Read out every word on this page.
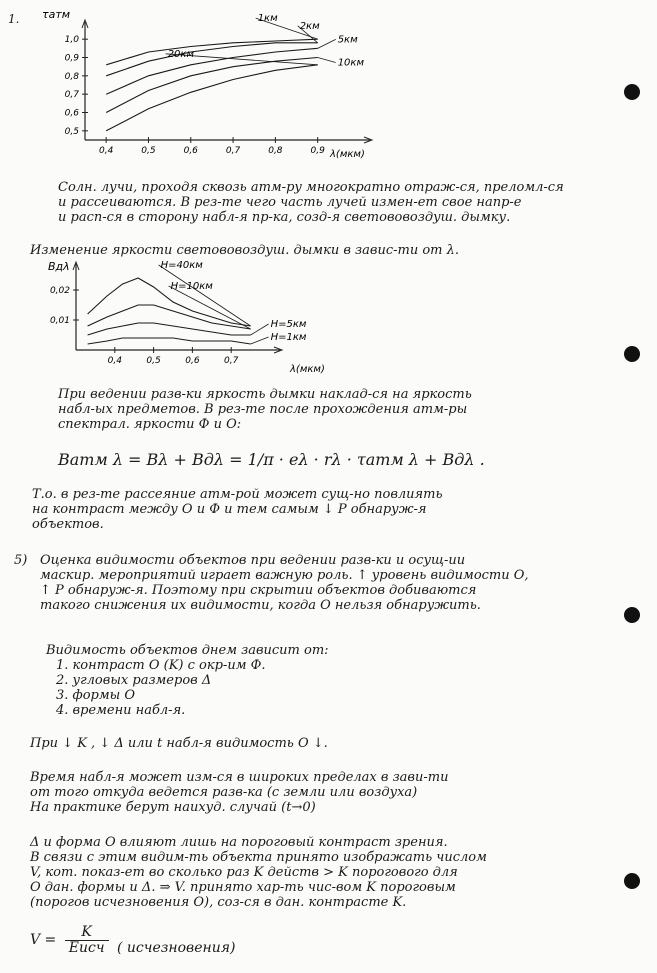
1. τатм
λ(мкм)
1км
2км
5км
10км
20км
1,0
0,9
0,8
0,7
0,6
0,5
0,4	0,5	0,6	0,7	0,8	0,9
Солн. лучи, проходя сквозь атм-ру многократно отраж-ся, преломл-ся
и рассеиваются. В рез-те чего часть лучей измен-ет свое напр-е
и расп-ся в сторону набл-я пр-ка, созд-я светововоздуш. дымку.
Изменение яркости светововоздуш. дымки в завис-ти от λ.
Bдλ
λ(мкм)
H=40км
H=10км
H=5км
H=1км
0,02
0,01
0,4	0,5	0,6	0,7
При ведении разв-ки яркость дымки наклад-ся на яркость
набл-ых предметов. В рез-те после прохождения атм-ры
спектрал. яркости Ф и О:
Bатм λ = Bλ + Bдλ = 1/π · eλ · rλ · τатм λ + Bдλ .
Т.о. в рез-те рассеяние атм-рой может сущ-но повлиять
на контраст между О и Ф и тем самым ↓ Р обнаруж-я
объектов.
5) Оценка видимости объектов при ведении разв-ки и осущ-ии
маскир. мероприятий играет важную роль. ↑ уровень видимости О,
↑ Р обнаруж-я. Поэтому при скрытии объектов добиваются
такого снижения их видимости, когда О нельзя обнаружить.
Видимость объектов днем зависит от:
1. контраст О (K) с окр-им Ф.
2. угловых размеров Δ
3. формы О
4. времени набл-я.
При ↓ K , ↓ Δ или t набл-я видимость О ↓.
Время набл-я может изм-ся в широких пределах в зави-ти
от того откуда ведется разв-ка (с земли или воздуха)
На практике берут наихуд. случай (t→0)
Δ и форма О влияют лишь на пороговый контраст зрения.
В связи с этим видим-ть объекта принято изображать числом
V, кот. показ-ет во сколько раз K действ > K порогового для
О дан. формы и Δ. ⇒ V. принято хар-ть чис-вом K пороговым
(порогов исчезновения О), соз-ся в дан. контрасте K.
V =	K
Eисч ( исчезновения)
